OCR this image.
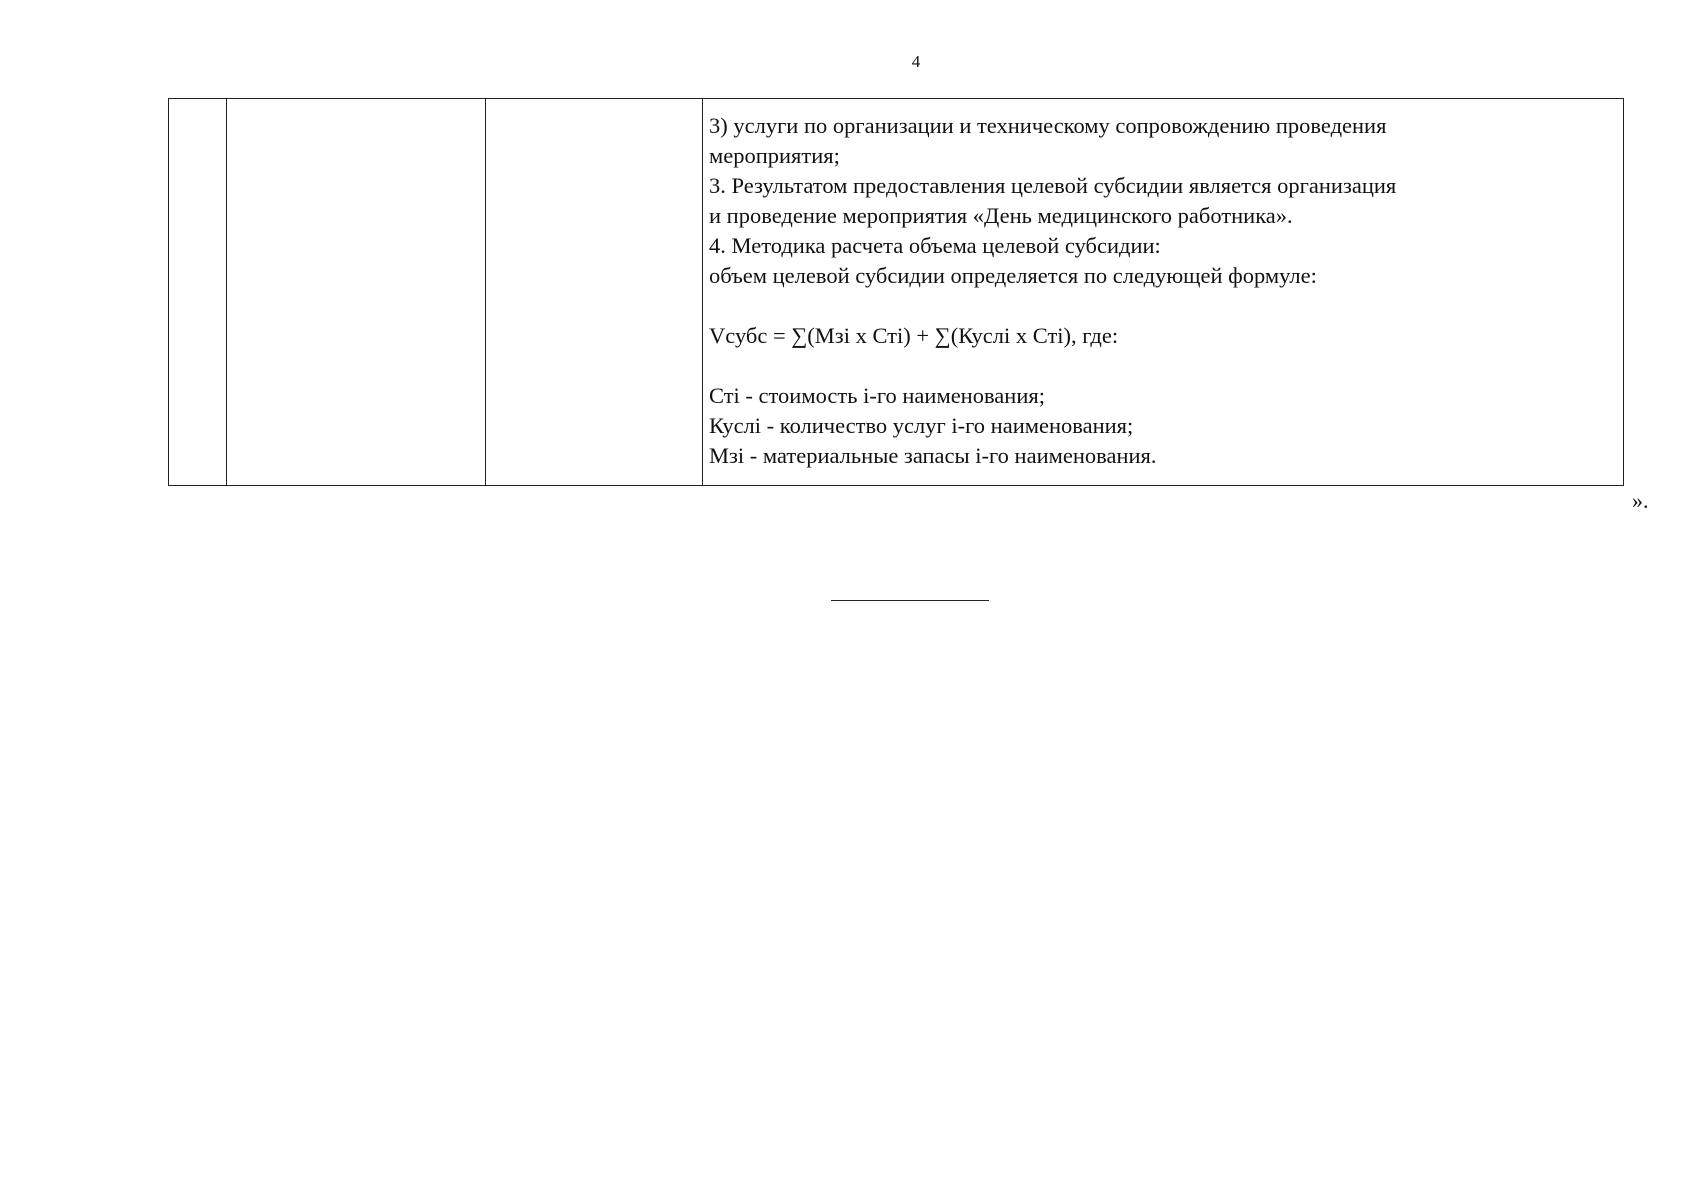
4

3) услуги по организации и техническому сопровождению проведения
мероприятия;
3. Результатом предоставления целевой субсидии является организация
и проведение мероприятия «День медицинского работника».
4. Методика расчета объема целевой субсидии:
объем целевой субсидии определяется по следующей формуле:
Vсубс = ∑(Мзi х Стi) + ∑(Куслi х Стi), где:
Стi - стоимость i-го наименования;
Куслi - количество услуг i-го наименования;
Мзi - материальные запасы i-го наименования.
».
